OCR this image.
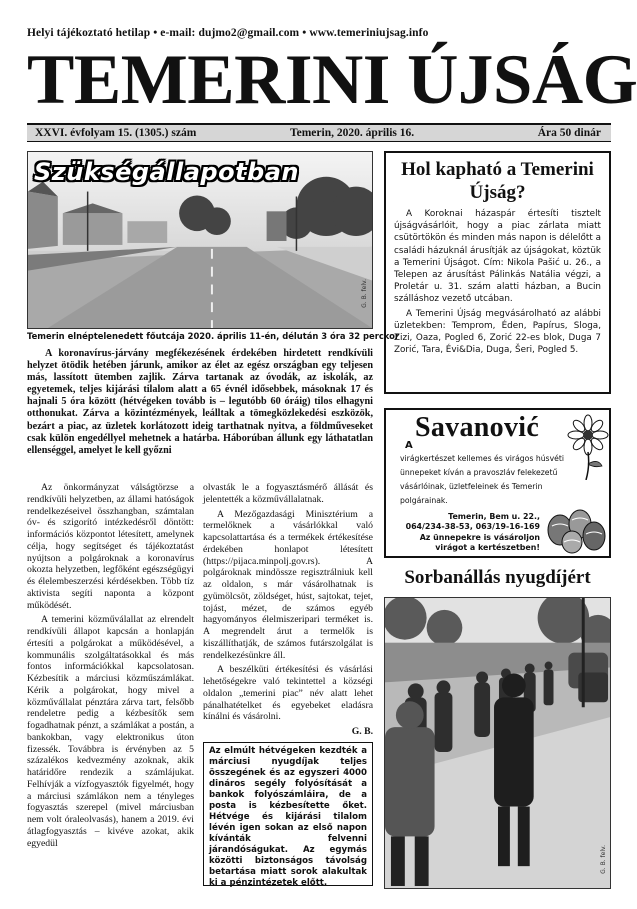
Helyi tájékoztató hetilap • e-mail: dujmo2@gmail.com • www.temeriniujsag.info
TEMERINI ÚJSÁG
XXVI. évfolyam 15. (1305.) szám	Temerin, 2020. április 16.	Ára 50 dinár
Szükségállapotban
G. B. felv.
Temerin elnéptelenedett főutcája 2020. április 11-én, délután 3 óra 32 perckor
A koronavírus-járvány megfékezésének érdekében hirdetett rendkívüli helyzet ötödik hetében járunk, amikor az élet az egész országban egy teljesen más, lassított ütemben zajlik. Zárva tartanak az óvodák, az iskolák, az egyetemek, teljes kijárási tilalom alatt a 65 évnél idősebbek, másoknak 17 és hajnali 5 óra között (hétvégeken tovább is – legutóbb 60 óráig) tilos elhagyni otthonukat. Zárva a közintézmények, leálltak a tömegközlekedési eszközök, bezárt a piac, az üzletek korlátozott ideig tarthatnak nyitva, a földműveseket csak külön engedéllyel mehetnek a határba. Háborúban állunk egy láthatatlan ellenséggel, amelyet le kell győzni

Az önkormányzat válságtörzse a rendkívüli helyzetben, az állami hatóságok rendelkezéseivel összhangban, számtalan óv- és szigorító intézkedésről döntött: információs központot létesített, amelynek célja, hogy segítséget és tájékoztatást nyújtson a polgároknak a koronavírus okozta helyzetben, legfőként egészségügyi és élelembeszerzési kérdésekben. Több tíz aktivista segíti naponta a központ működését.

A temerini közműválallat az elrendelt rendkívüli állapot kapcsán a honlapján értesíti a polgárokat a működésével, a kommunális szolgáltatásokkal és más fontos információkkal kapcsolatosan. Kézbesítik a márciusi közműszámlákat. Kérik a polgárokat, hogy mivel a közművállalat pénztára zárva tart, felsőbb rendeletre pedig a kézbesítők sem fogadhatnak pénzt, a számlákat a postán, a bankokban, vagy elektronikus úton fizessék. Továbbra is érvényben az 5 százalékos kedvezmény azoknak, akik határidőre rendezik a számlájukat. Felhívják a vízfogyasztók figyelmét, hogy a márciusi számlákon nem a tényleges fogyasztás szerepel (mivel márciusban nem volt óraleolvasás), hanem a 2019. évi átlagfogyasztás – kivéve azokat, akik egyedül

olvasták le a fogyasztásmérő állását és jelentették a közművállalatnak.

A Mezőgazdasági Minisztérium a termelőknek a vásárlókkal való kapcsolattartása és a termékek értékesítése érdekében honlapot létesített (https://pijaca.minpolj.gov.rs). A polgároknak mindössze regisztrálniuk kell az oldalon, s már vásárolhatnak is gyümölcsöt, zöldséget, húst, sajtokat, tejet, tojást, mézet, de számos egyéb hagyományos élelmiszeripari terméket is. A megrendelt árut a termelők is kiszállíthatják, de számos futárszolgálat is rendelkezésünkre áll.

A beszélküti értékesítési és vásárlási lehetőségekre való tekintettel a községi oldalon „temerini piac” név alatt lehet pánalhatételket és egyebeket eladásra kínálni és vásárolni.

G. B.
Az elmúlt hétvégeken kezdték a márciusi nyugdíjak teljes összegének és az egyszeri 4000 dináros segély folyósítását a bankok folyószámláira, de a posta is kézbesítette őket. Hétvége és kijárási tilalom lévén igen sokan az első napon kívánták felvenni járandóságukat. Az egymás közötti biztonságos távolság betartása miatt sorok alakultak ki a pénzintézetek előtt.
Hol kapható a Temerini Újság?

A Koroknai házaspár értesíti tisztelt újságvásárlóit, hogy a piac zárlata miatt csütörtökön és minden más napon is délelőtt a családi házuknál árusítják az újságokat, köztük a Temerini Újságot. Cím: Nikola Pašić u. 26., a Telepen az árusítást Pálinkás Natália végzi, a Proletár u. 31. szám alatti házban, a Bucin szálláshoz vezető utcában.

A Temerini Újság megvásárolható az alábbi üzletekben: Temprom, Éden, Papírus, Sloga, Zizi, Oaza, Pogled 6, Zorić 22-es blok, Duga 7 Zorić, Tara, Évi&Dia, Duga, Šeri, Pogled 5.

A
Savanović
virágkertészet kellemes és virágos húsvéti ünnepeket kíván a pravoszláv felekezetű vásárlóinak, üzletfeleinek és Temerin polgárainak.
Temerin, Bem u. 22.,
064/234-38-53, 063/19-16-169
Az ünnepekre is vásároljon virágot a kertészetben!
Sorbanállás nyugdíjért
G. B. felv.
